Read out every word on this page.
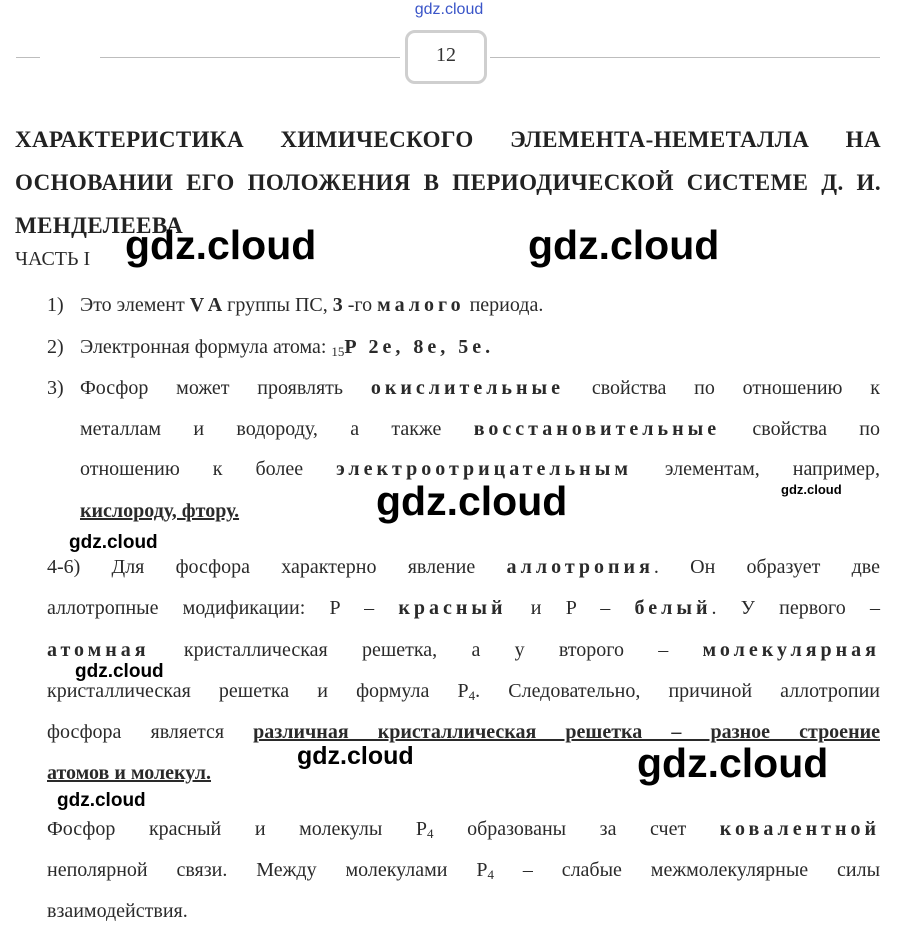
gdz.cloud
12
ХАРАКТЕРИСТИКА ХИМИЧЕСКОГО ЭЛЕМЕНТА-НЕМЕТАЛЛА НА ОСНОВАНИИ ЕГО ПОЛОЖЕНИЯ В ПЕРИОДИЧЕСКОЙ СИСТЕМЕ Д. И. МЕНДЕЛЕЕВА
ЧАСТЬ I
1) Это элемент V A группы ПС, 3 -го малого периода.
2) Электронная формула атома: $_{15}$P 2e, 8e, 5e.
3) Фосфор может проявлять окислительные свойства по отношению к
металлам и водороду, а также восстановительные свойства по
отношению к более электроотрицательным элементам, например,
кислороду, фтору.
4-6) Для фосфора характерно явление аллотропия. Он образует две
аллотропные модификации: P – красный и P – белый. У первого –
атомная кристаллическая решетка, а у второго – молекулярная
кристаллическая решетка и формула $P_4$. Следовательно, причиной аллотропии
фосфора является различная кристаллическая решетка – разное строение
атомов и молекул.
Фосфор красный и молекулы $P_4$ образованы за счет ковалентной
неполярной связи. Между молекулами $P_4$ – слабые межмолекулярные силы
взаимодействия.
gdz.cloud	gdz.cloud
gdz.cloud	gdz.cloud
gdz.cloud
gdz.cloud
gdz.cloud	gdz.cloud
gdz.cloud
